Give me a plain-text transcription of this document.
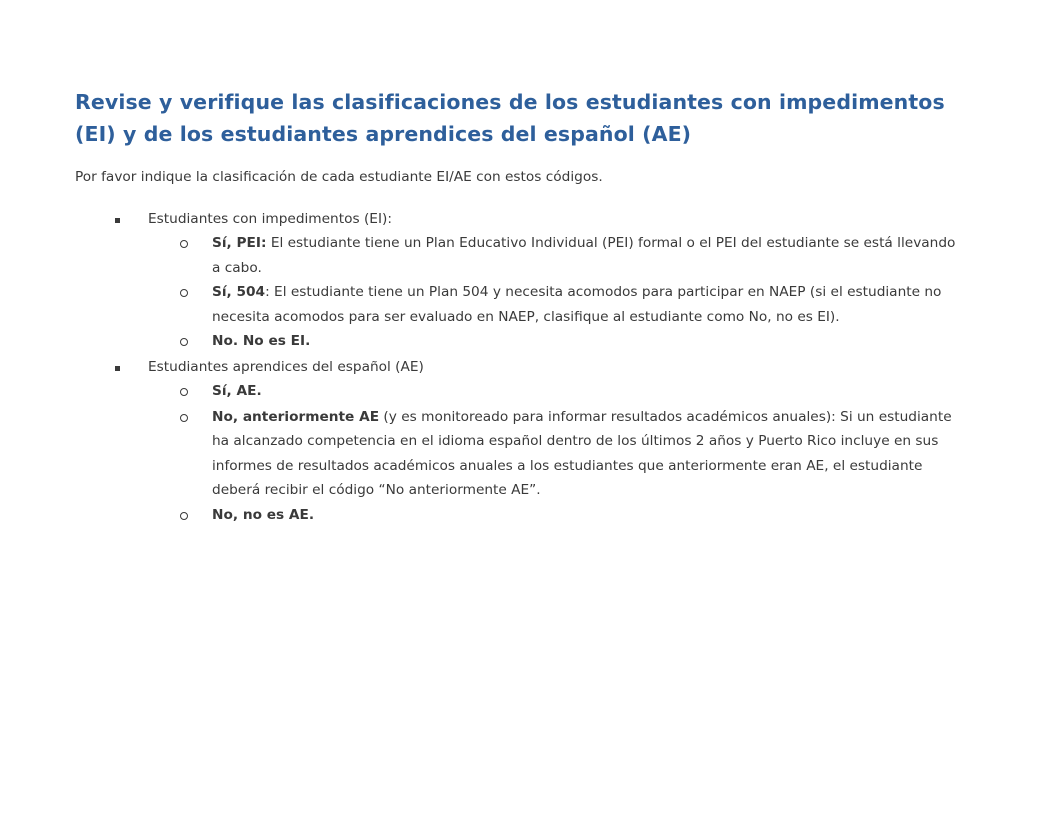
Revise y verifique las clasificaciones de los estudiantes con impedimentos (EI) y de los estudiantes aprendices del español (AE)

Por favor indique la clasificación de cada estudiante EI/AE con estos códigos.

Estudiantes con impedimentos (EI):
Sí, PEI: El estudiante tiene un Plan Educativo Individual (PEI) formal o el PEI del estudiante se está llevando a cabo.
Sí, 504: El estudiante tiene un Plan 504 y necesita acomodos para participar en NAEP (si el estudiante no necesita acomodos para ser evaluado en NAEP, clasifique al estudiante como No, no es EI).
No. No es EI.
Estudiantes aprendices del español (AE)
Sí, AE.
No, anteriormente AE (y es monitoreado para informar resultados académicos anuales): Si un estudiante ha alcanzado competencia en el idioma español dentro de los últimos 2 años y Puerto Rico incluye en sus informes de resultados académicos anuales a los estudiantes que anteriormente eran AE, el estudiante deberá recibir el código “No anteriormente AE”.
No, no es AE.
